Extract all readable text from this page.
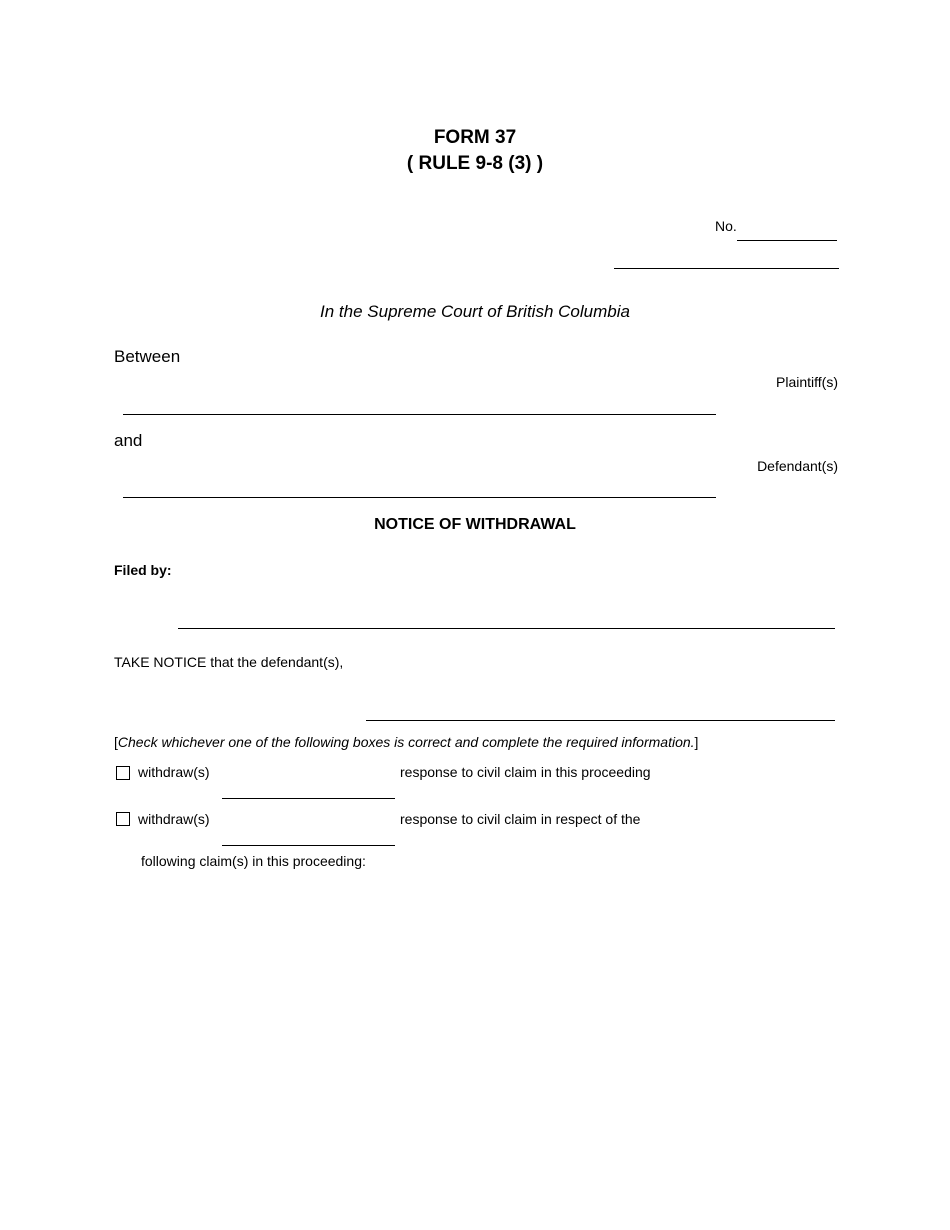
FORM 37
( RULE 9-8 (3) )
No.
In the Supreme Court of British Columbia
Between
Plaintiff(s)
and
Defendant(s)
NOTICE OF WITHDRAWAL
Filed by:
TAKE NOTICE that the defendant(s),
[Check whichever one of the following boxes is correct and complete the required information.]
withdraw(s)	response to civil claim in this proceeding
withdraw(s)	response to civil claim in respect of the
following claim(s) in this proceeding:
